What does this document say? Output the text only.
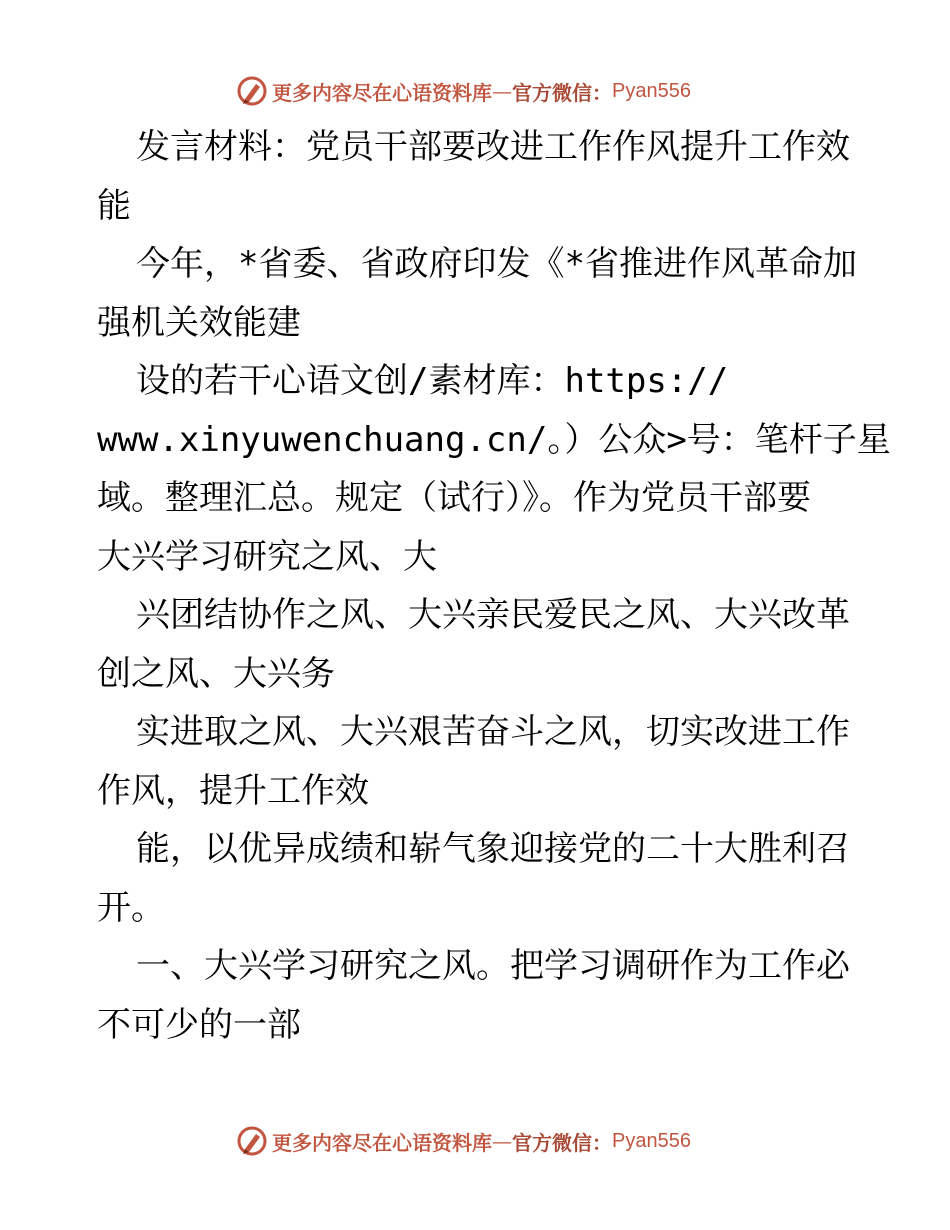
更多内容尽在心语资料库 — 官方微信： Pyan556
发言材料：党员干部要改进工作作风提升工作效
能
今年，*省委、省政府印发《*省推进作风革命加
强机关效能建
设的若干心语文创/素材库：https://
www.xinyuwenchuang.cn/。）公众>号：笔杆子星
域。整理汇总。规定（试行）》。作为党员干部要
大兴学习研究之风、大
兴团结协作之风、大兴亲民爱民之风、大兴改革
创之风、大兴务
实进取之风、大兴艰苦奋斗之风，切实改进工作
作风，提升工作效
能，以优异成绩和崭气象迎接党的二十大胜利召
开。
一、大兴学习研究之风。把学习调研作为工作必
不可少的一部
更多内容尽在心语资料库 — 官方微信： Pyan556
